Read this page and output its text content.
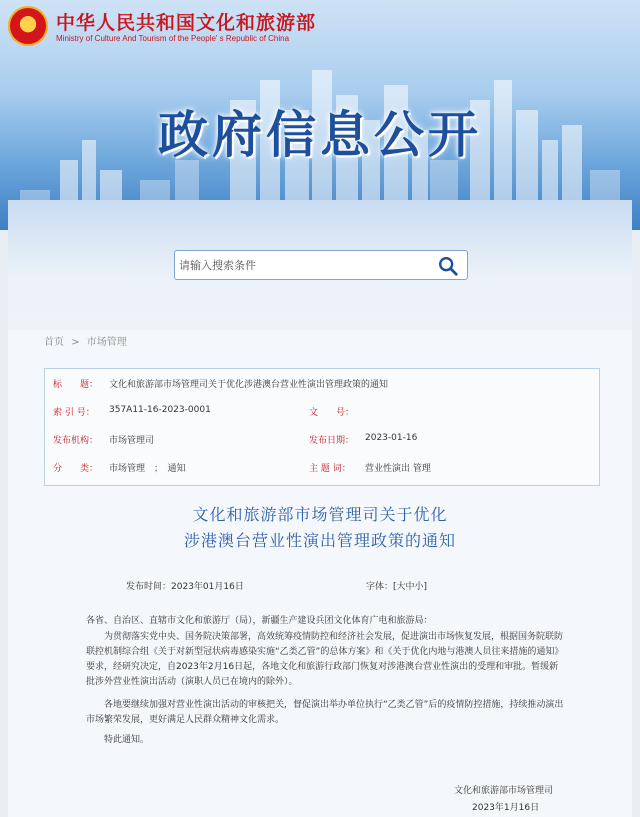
★
中华人民共和国文化和旅游部
Ministry of Culture And Tourism of the People' s Republic of China
政府信息公开
请输入搜索条件
首页 > 市场管理
标　　题： 文化和旅游部市场管理司关于优化涉港澳台营业性演出管理政策的通知
索 引 号： 357A11-16-2023-0001	文　　号：
发布机构： 市场管理司	发布日期： 2023-01-16
分　　类： 市场管理　；　通知	主 题 词： 营业性演出 管理
文化和旅游部市场管理司关于优化
涉港澳台营业性演出管理政策的通知
发布时间：2023年01月16日	字体：[大中小]
各省、自治区、直辖市文化和旅游厅（局），新疆生产建设兵团文化体育广电和旅游局：
为贯彻落实党中央、国务院决策部署，高效统筹疫情防控和经济社会发展，促进演出市场恢复发展，根据国务院联防联控机制综合组《关于对新型冠状病毒感染实施“乙类乙管”的总体方案》和《关于优化内地与港澳人员往来措施的通知》要求，经研究决定，自2023年2月16日起，各地文化和旅游行政部门恢复对涉港澳台营业性演出的受理和审批。暂缓新批涉外营业性演出活动（演职人员已在境内的除外）。
各地要继续加强对营业性演出活动的审核把关，督促演出举办单位执行“乙类乙管”后的疫情防控措施，持续推动演出市场繁荣发展，更好满足人民群众精神文化需求。
特此通知。
文化和旅游部市场管理司
2023年1月16日
